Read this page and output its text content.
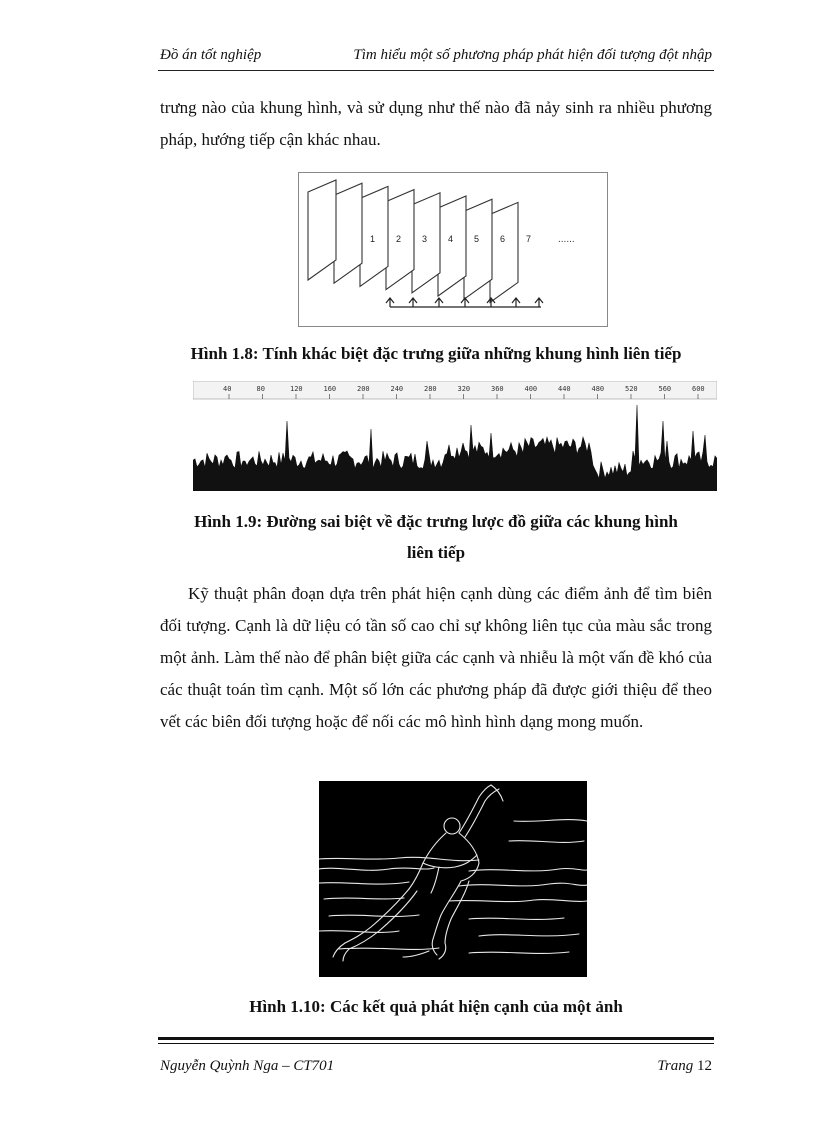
Đồ án tốt nghiệp	Tìm hiểu một số phương pháp phát hiện đối tượng đột nhập
trưng nào của khung hình, và sử dụng như thế nào đã nảy sinh ra nhiều phương pháp, hướng tiếp cận khác nhau.
1 2 3 4 5 6 7	......
Hình 1.8: Tính khác biệt đặc trưng giữa những khung hình liên tiếp
40	80	120	160	200	240	280	320	360	400	440	480	520	560	600
Hình 1.9: Đường sai biệt về đặc trưng lược đồ giữa các khung hình
liên tiếp
Kỹ thuật phân đoạn dựa trên phát hiện cạnh dùng các điểm ảnh để tìm biên đối tượng. Cạnh là dữ liệu có tần số cao chỉ sự không liên tục của màu sắc trong một ảnh. Làm thế nào để phân biệt giữa các cạnh và nhiễu là một vấn đề khó của các thuật toán tìm cạnh. Một số lớn các phương pháp đã được giới thiệu để theo vết các biên đối tượng hoặc để nối các mô hình hình dạng mong muốn.
Hình 1.10: Các kết quả phát hiện cạnh của một ảnh
Nguyễn Quỳnh Nga – CT701	Trang 12
